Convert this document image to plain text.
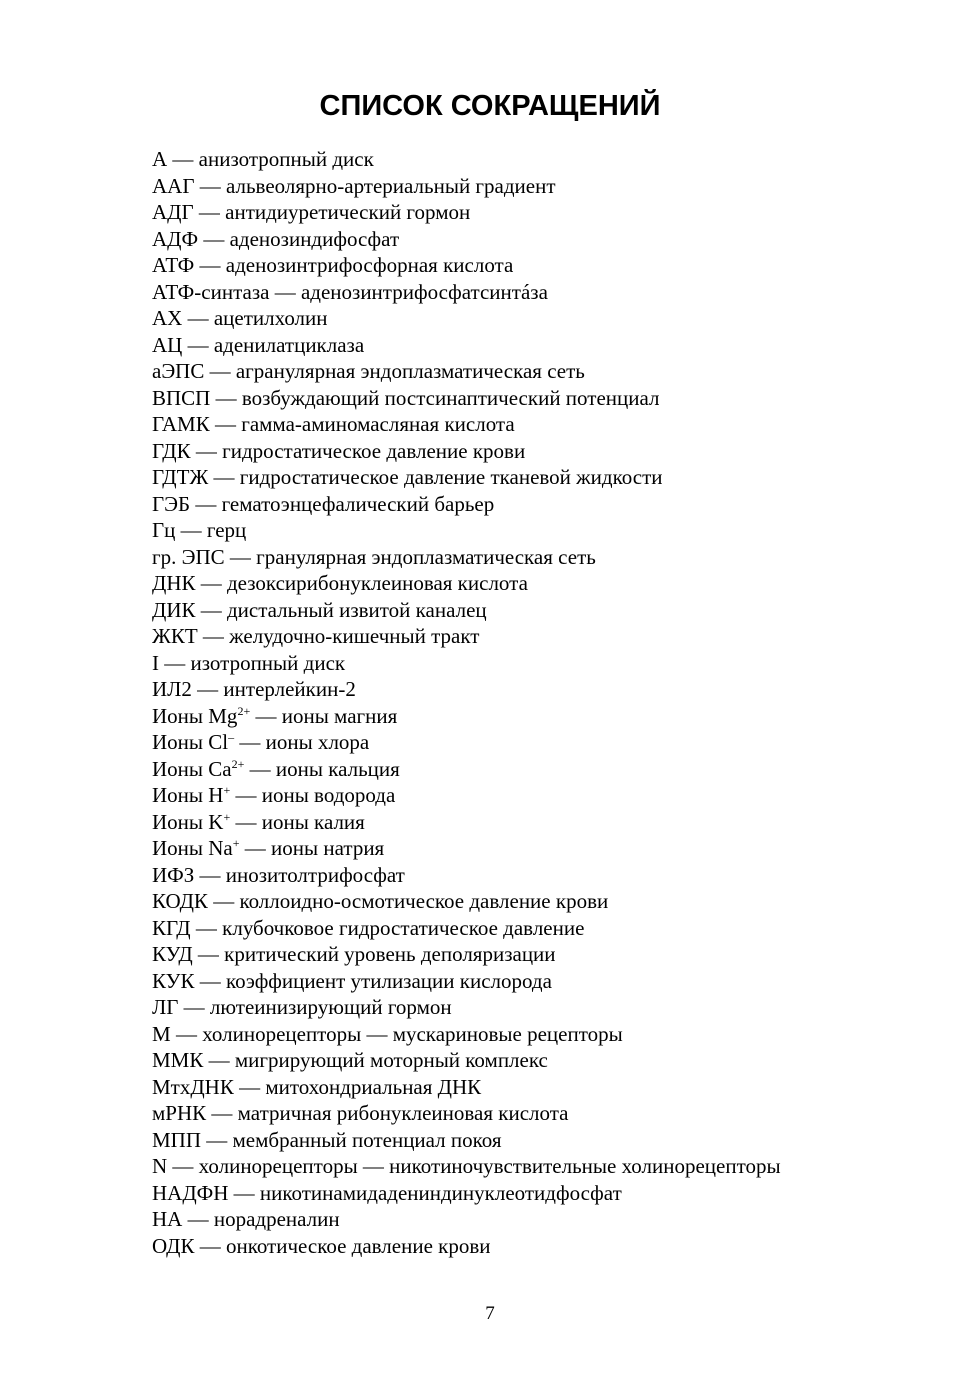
СПИСОК СОКРАЩЕНИЙ
А — анизотропный диск
ААГ — альвеолярно-артериальный градиент
АДГ — антидиуретический гормон
АДФ — аденозиндифосфат
АТФ — аденозинтрифосфорная кислота
АТФ-синтаза — аденозинтрифосфатсинтáза
АХ — ацетилхолин
АЦ — аденилатциклаза
аЭПС — агранулярная эндоплазматическая сеть
ВПСП — возбуждающий постсинаптический потенциал
ГАМК — гамма-аминомасляная кислота
ГДК — гидростатическое давление крови
ГДТЖ — гидростатическое давление тканевой жидкости
ГЭБ — гематоэнцефалический барьер
Гц — герц
гр. ЭПС — гранулярная эндоплазматическая сеть
ДНК — дезоксирибонуклеиновая кислота
ДИК — дистальный извитой каналец
ЖКТ — желудочно-кишечный тракт
I — изотропный диск
ИЛ2 — интерлейкин-2
Ионы $Mg^{2+}$ — ионы магния
Ионы Cl– — ионы хлора
Ионы $Ca^{2+}$ — ионы кальция
Ионы H+ — ионы водорода
Ионы K+ — ионы калия
Ионы Na+ — ионы натрия
ИФЗ — инозитолтрифосфат
КОДК — коллоидно-осмотическое давление крови
КГД — клубочковое гидростатическое давление
КУД — критический уровень деполяризации
КУК — коэффициент утилизации кислорода
ЛГ — лютеинизирующий гормон
М — холинорецепторы — мускариновые рецепторы
ММК — мигрирующий моторный комплекс
МтхДНК — митохондриальная ДНК
мРНК — матричная рибонуклеиновая кислота
МПП — мембранный потенциал покоя
N — холинорецепторы — никотиночувствительные холинорецепторы
НАДФН — никотинамидадениндинуклеотидфосфат
НА — норадреналин
ОДК — онкотическое давление крови
7
